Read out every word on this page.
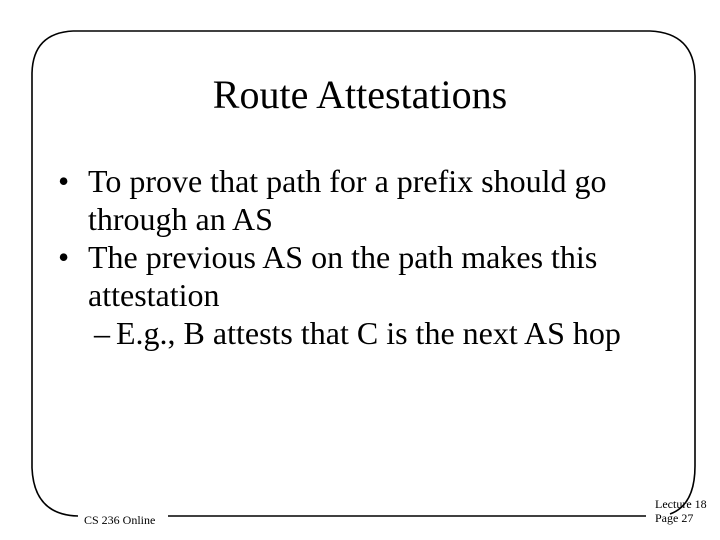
Route Attestations
• To prove that path for a prefix should go through an AS
• The previous AS on the path makes this attestation
– E.g., B attests that C is the next AS hop
CS 236 Online
Lecture 18
Page 27
